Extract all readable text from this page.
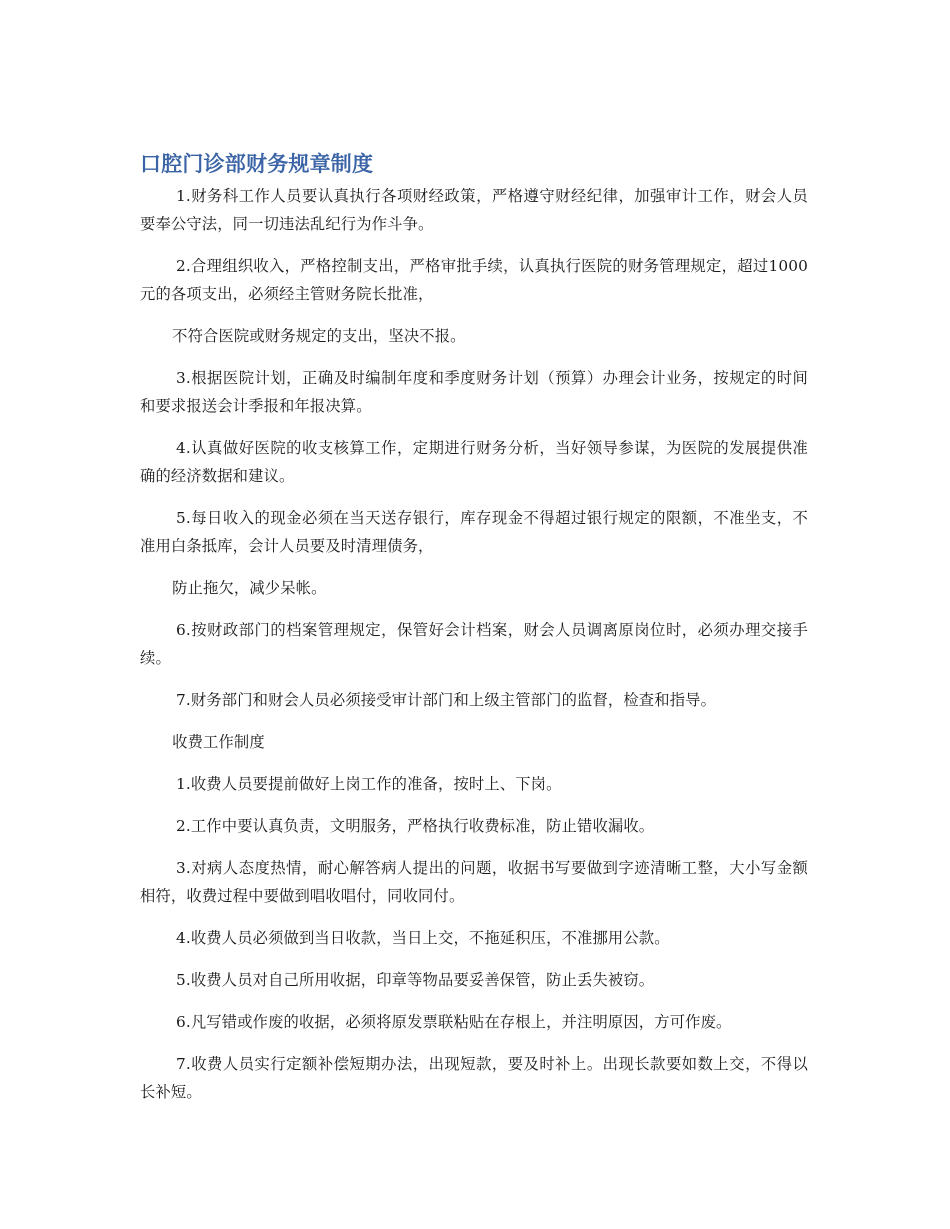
口腔门诊部财务规章制度

1.财务科工作人员要认真执行各项财经政策，严格遵守财经纪律，加强审计工作，财会人员要奉公守法，同一切违法乱纪行为作斗争。

2.合理组织收入，严格控制支出，严格审批手续，认真执行医院的财务管理规定，超过1000元的各项支出，必须经主管财务院长批准，

不符合医院或财务规定的支出，坚决不报。

3.根据医院计划，正确及时编制年度和季度财务计划（预算）办理会计业务，按规定的时间和要求报送会计季报和年报决算。

4.认真做好医院的收支核算工作，定期进行财务分析，当好领导参谋，为医院的发展提供准确的经济数据和建议。

5.每日收入的现金必须在当天送存银行，库存现金不得超过银行规定的限额，不准坐支，不准用白条抵库，会计人员要及时清理债务，

防止拖欠，减少呆帐。

6.按财政部门的档案管理规定，保管好会计档案，财会人员调离原岗位时，必须办理交接手续。

7.财务部门和财会人员必须接受审计部门和上级主管部门的监督，检查和指导。

收费工作制度

1.收费人员要提前做好上岗工作的准备，按时上、下岗。

2.工作中要认真负责，文明服务，严格执行收费标准，防止错收漏收。

3.对病人态度热情，耐心解答病人提出的问题，收据书写要做到字迹清晰工整，大小写金额相符，收费过程中要做到唱收唱付，同收同付。

4.收费人员必须做到当日收款，当日上交，不拖延积压，不准挪用公款。

5.收费人员对自己所用收据，印章等物品要妥善保管，防止丢失被窃。

6.凡写错或作废的收据，必须将原发票联粘贴在存根上，并注明原因，方可作废。

7.收费人员实行定额补偿短期办法，出现短款，要及时补上。出现长款要如数上交，不得以长补短。
